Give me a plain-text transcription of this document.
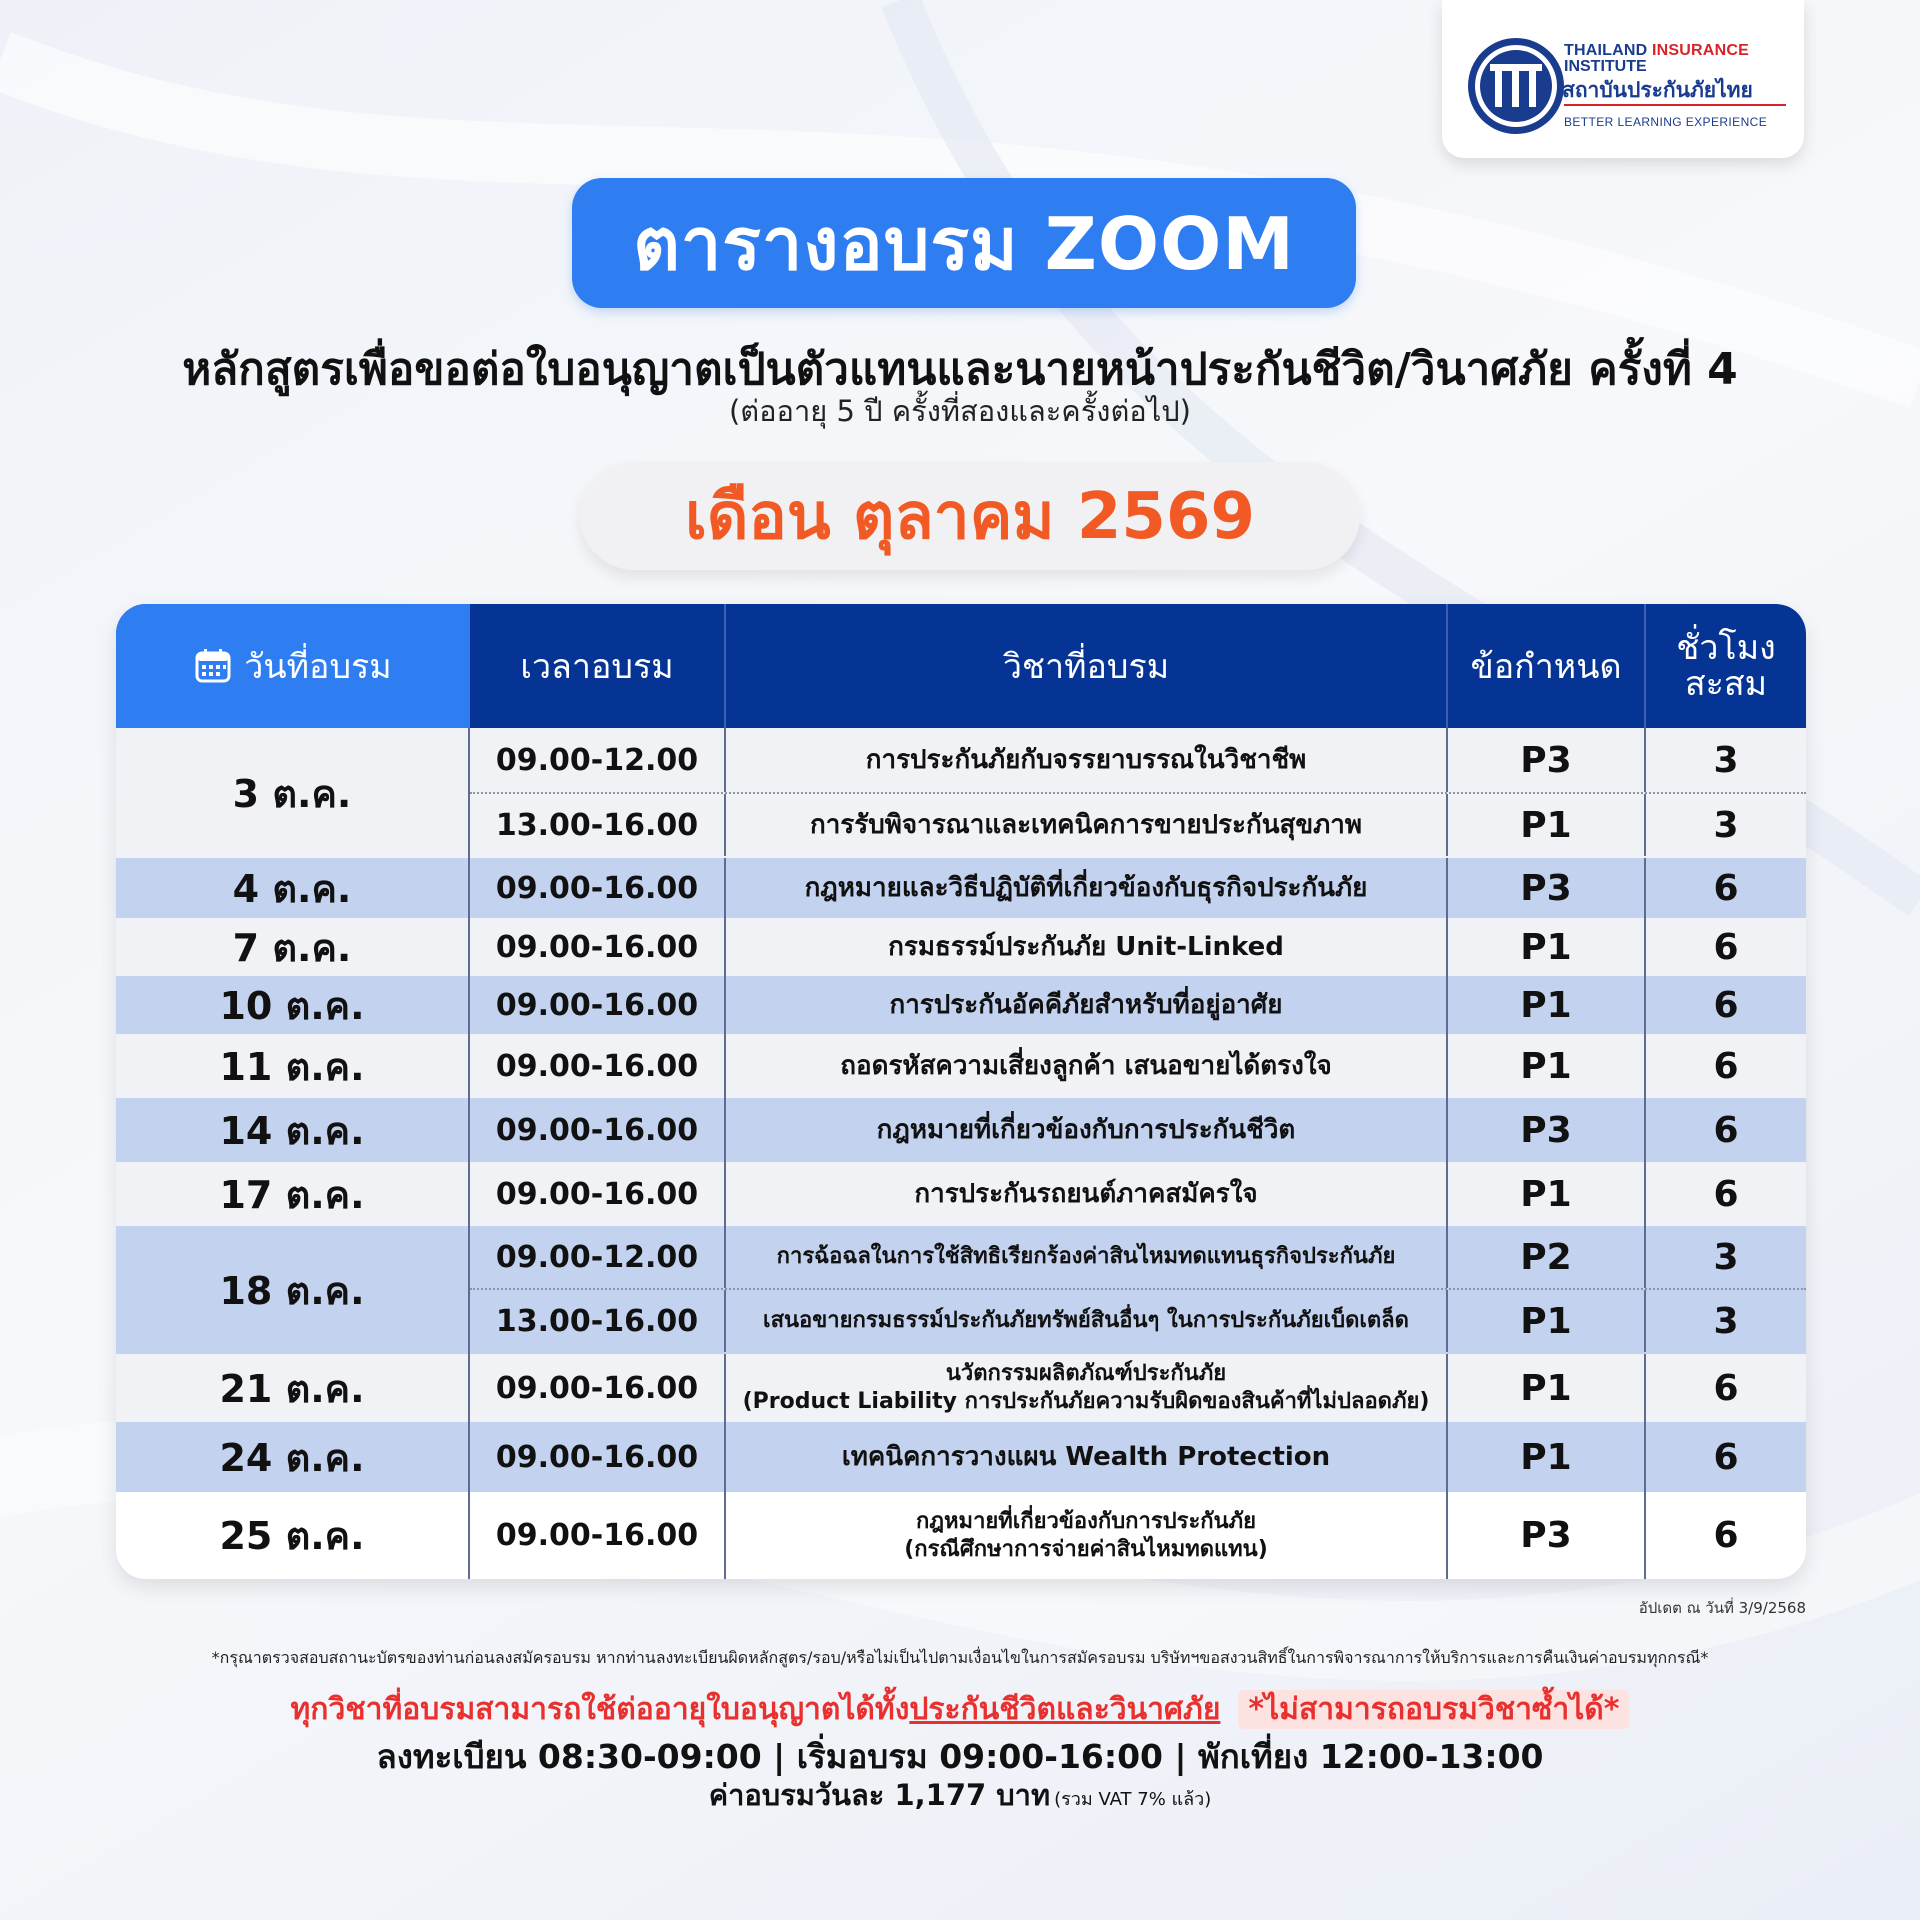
THAILAND INSURANCE
INSTITUTE
สถาบันประกันภัยไทย
BETTER LEARNING EXPERIENCE
ตารางอบรม ZOOM
หลักสูตรเพื่อขอต่อใบอนุญาตเป็นตัวแทนและนายหน้าประกันชีวิต/วินาศภัย ครั้งที่ 4
(ต่ออายุ 5 ปี ครั้งที่สองและครั้งต่อไป)
เดือน ตุลาคม 2569
วันที่อบรม	เวลาอบรม	วิชาที่อบรม	ข้อกำหนด	ชั่วโมง
สะสม
3 ต.ค.
09.00-12.00	การประกันภัยกับจรรยาบรรณในวิชาชีพ	P3	3
13.00-16.00	การรับพิจารณาและเทคนิคการขายประกันสุขภาพ	P1	3
4 ต.ค.	09.00-16.00	กฎหมายและวิธีปฏิบัติที่เกี่ยวข้องกับธุรกิจประกันภัย	P3	6
7 ต.ค.	09.00-16.00	กรมธรรม์ประกันภัย Unit-Linked	P1	6
10 ต.ค.	09.00-16.00	การประกันอัคคีภัยสำหรับที่อยู่อาศัย	P1	6
11 ต.ค.	09.00-16.00	ถอดรหัสความเสี่ยงลูกค้า เสนอขายได้ตรงใจ	P1	6
14 ต.ค.	09.00-16.00	กฎหมายที่เกี่ยวข้องกับการประกันชีวิต	P3	6
17 ต.ค.	09.00-16.00	การประกันรถยนต์ภาคสมัครใจ	P1	6
18 ต.ค.
09.00-12.00	การฉ้อฉลในการใช้สิทธิเรียกร้องค่าสินไหมทดแทนธุรกิจประกันภัย	P2	3
13.00-16.00	เสนอขายกรมธรรม์ประกันภัยทรัพย์สินอื่นๆ ในการประกันภัยเบ็ดเตล็ด	P1	3
21 ต.ค.	09.00-16.00	นวัตกรรมผลิตภัณฑ์ประกันภัย
(Product Liability การประกันภัยความรับผิดของสินค้าที่ไม่ปลอดภัย)	P1	6
24 ต.ค.	09.00-16.00	เทคนิคการวางแผน Wealth Protection	P1	6
25 ต.ค.	09.00-16.00	กฎหมายที่เกี่ยวข้องกับการประกันภัย
(กรณีศึกษาการจ่ายค่าสินไหมทดแทน)	P3	6
อัปเดต ณ วันที่ 3/9/2568
*กรุณาตรวจสอบสถานะบัตรของท่านก่อนลงสมัครอบรม หากท่านลงทะเบียนผิดหลักสูตร/รอบ/หรือไม่เป็นไปตามเงื่อนไขในการสมัครอบรม บริษัทฯขอสงวนสิทธิ์ในการพิจารณาการให้บริการและการคืนเงินค่าอบรมทุกกรณี*
ทุกวิชาที่อบรมสามารถใช้ต่ออายุใบอนุญาตได้ทั้งประกันชีวิตและวินาศภัย *ไม่สามารถอบรมวิชาซ้ำได้*
ลงทะเบียน 08:30-09:00 | เริ่มอบรม 09:00-16:00 | พักเที่ยง 12:00-13:00
ค่าอบรมวันละ 1,177 บาท (รวม VAT 7% แล้ว)
